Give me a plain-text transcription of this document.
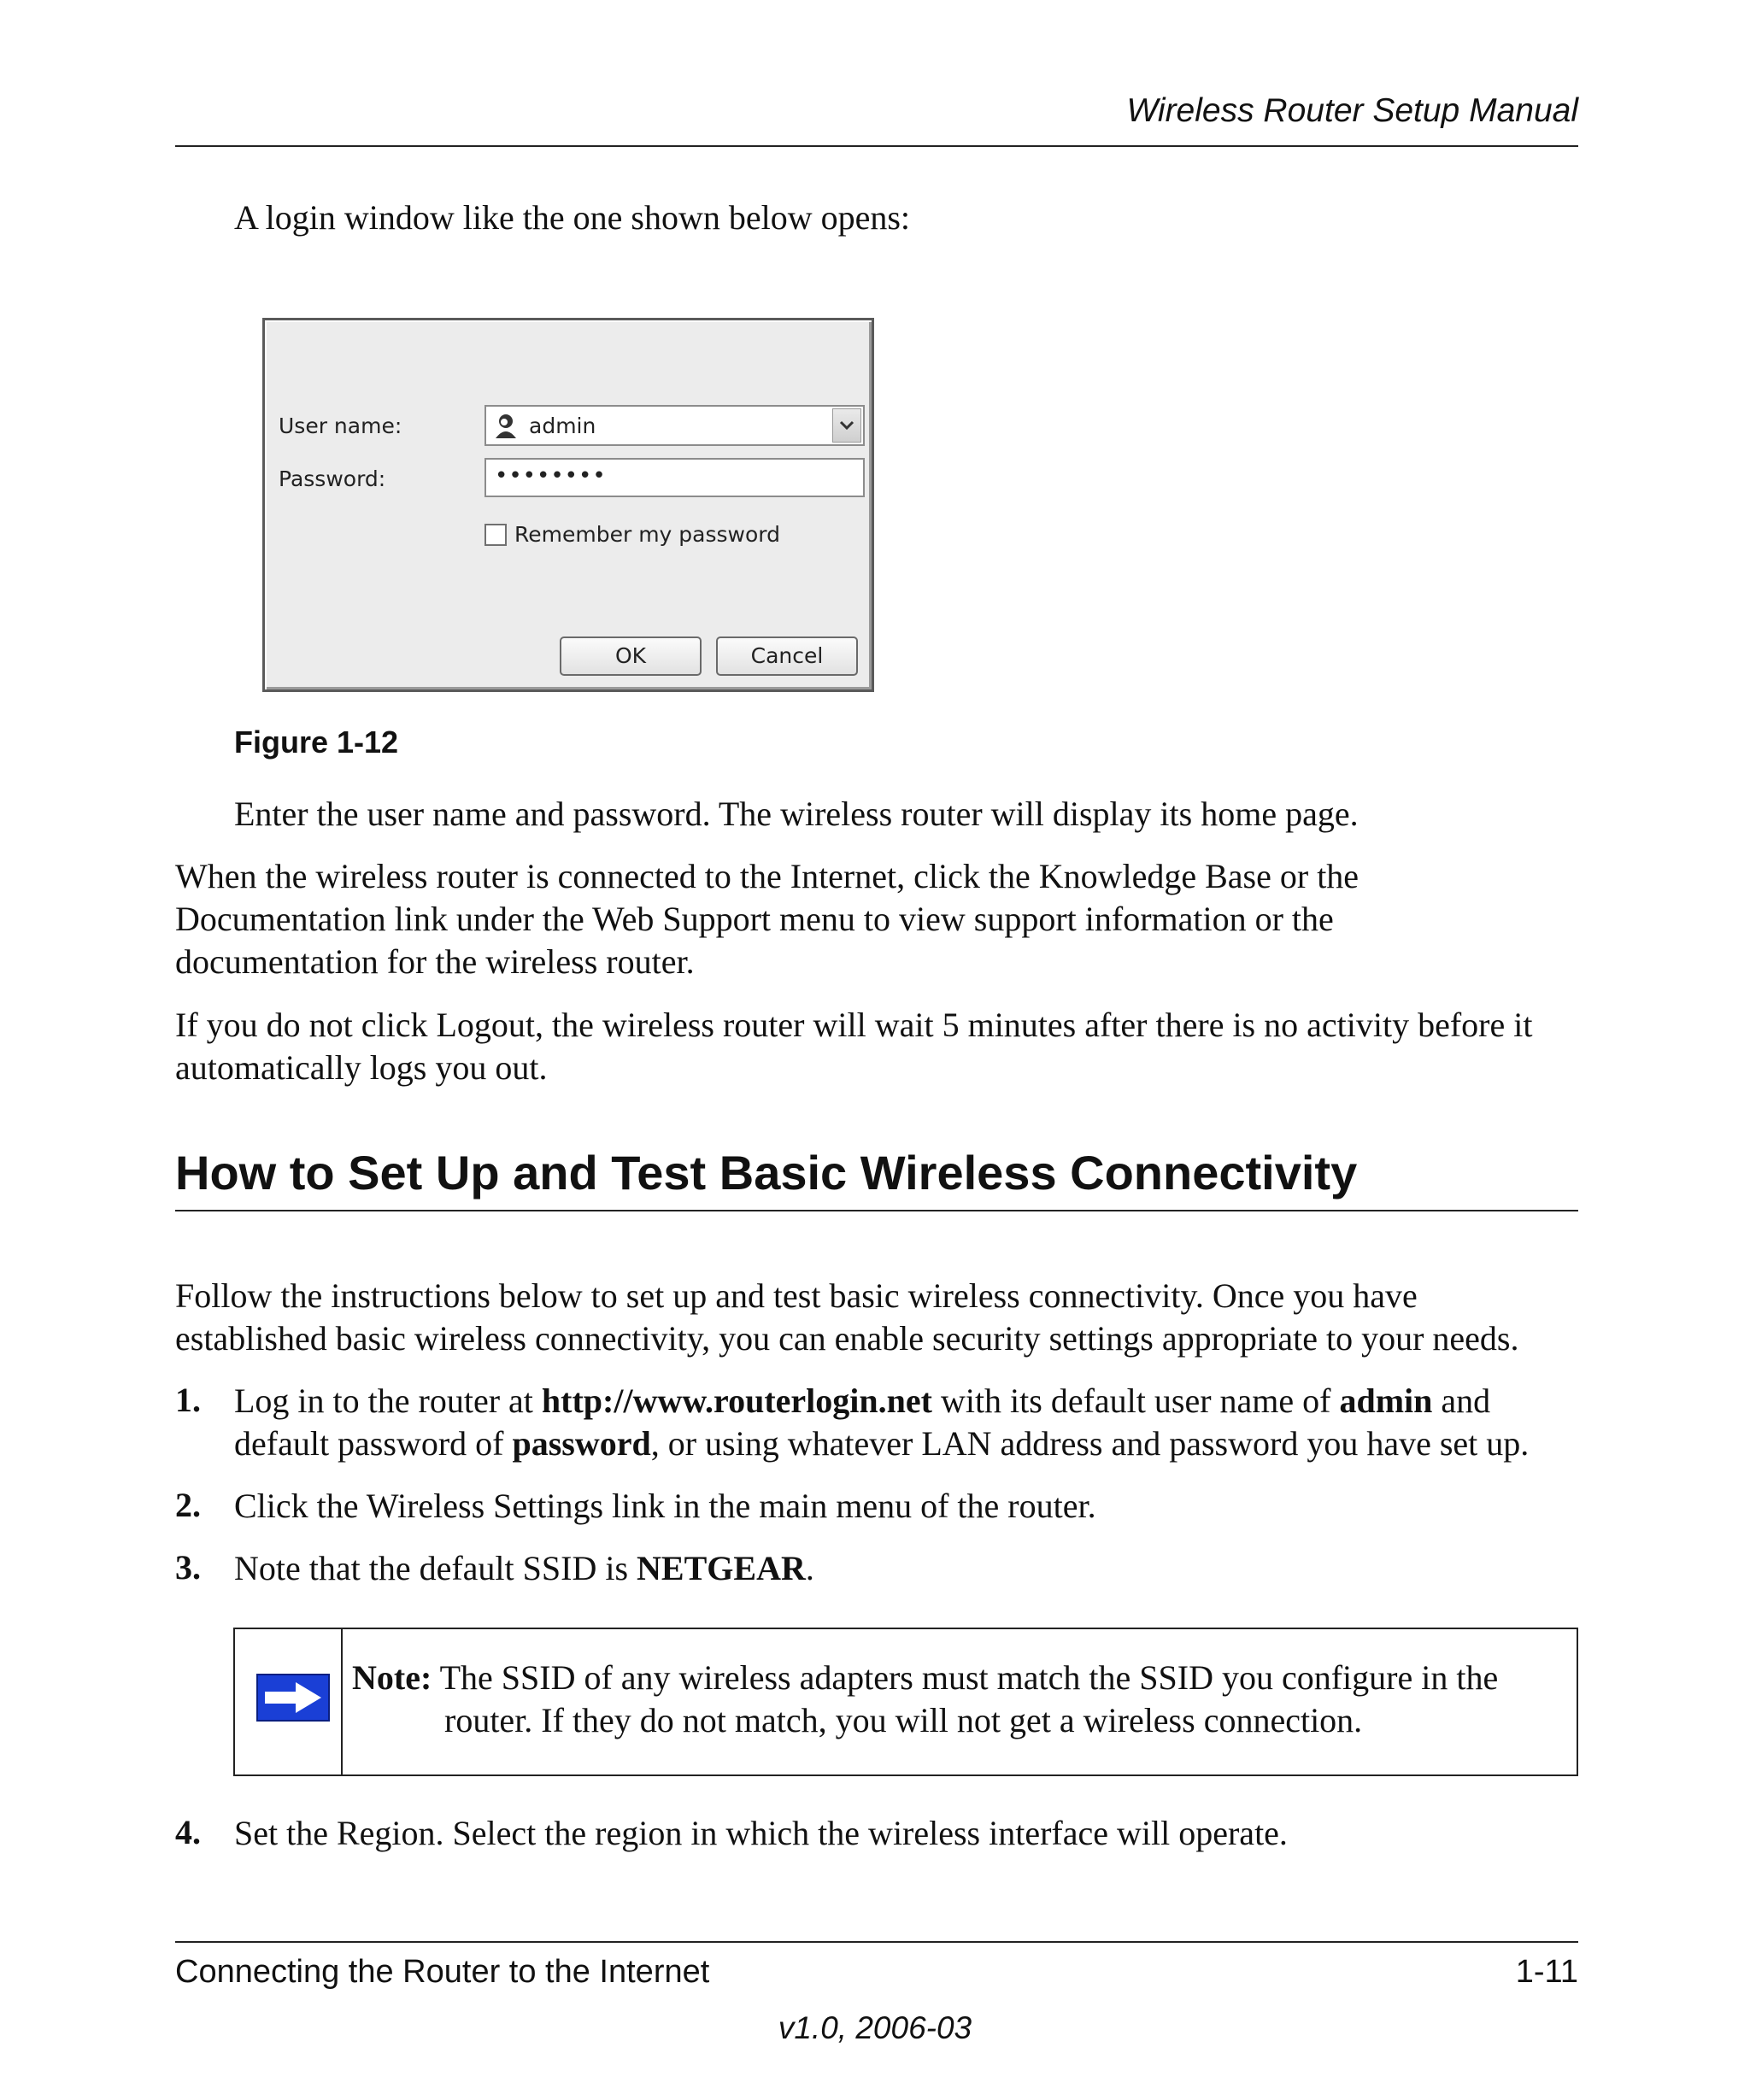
Wireless Router Setup Manual
A login window like the one shown below opens:
User name:	admin
Password:	••••••••
Remember my password
OK	Cancel
Figure 1-12
Enter the user name and password. The wireless router will display its home page.
When the wireless router is connected to the Internet, click the Knowledge Base or the
Documentation link under the Web Support menu to view support information or the
documentation for the wireless router.
If you do not click Logout, the wireless router will wait 5 minutes after there is no activity before it
automatically logs you out.
How to Set Up and Test Basic Wireless Connectivity
Follow the instructions below to set up and test basic wireless connectivity. Once you have
established basic wireless connectivity, you can enable security settings appropriate to your needs.
1. Log in to the router at http://www.routerlogin.net with its default user name of admin and
default password of password, or using whatever LAN address and password you have set up.
2. Click the Wireless Settings link in the main menu of the router.
3. Note that the default SSID is NETGEAR.
Note: The SSID of any wireless adapters must match the SSID you configure in the
router. If they do not match, you will not get a wireless connection.
4. Set the Region. Select the region in which the wireless interface will operate.
Connecting the Router to the Internet	1-11
v1.0, 2006-03
